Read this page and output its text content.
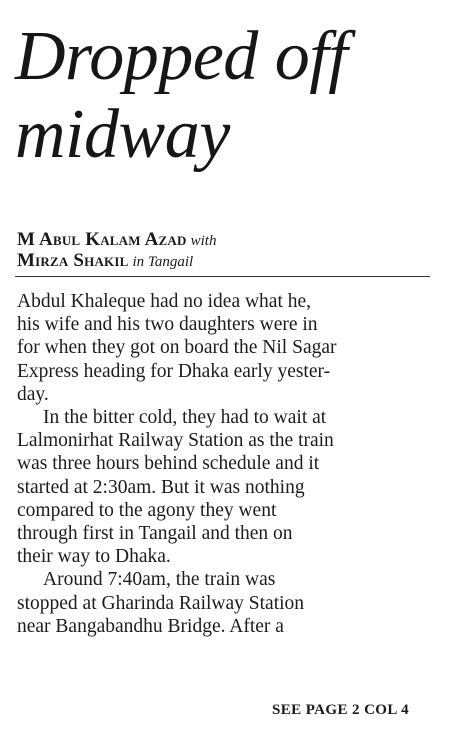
Dropped off
midway
M Abul Kalam Azad with
Mirza Shakil in Tangail
Abdul Khaleque had no idea what he,
his wife and his two daughters were in
for when they got on board the Nil Sagar
Express heading for Dhaka early yester-
day.
In the bitter cold, they had to wait at
Lalmonirhat Railway Station as the train
was three hours behind schedule and it
started at 2:30am. But it was nothing
compared to the agony they went
through first in Tangail and then on
their way to Dhaka.
Around 7:40am, the train was
stopped at Gharinda Railway Station
near Bangabandhu Bridge. After a
SEE PAGE 2 COL 4
